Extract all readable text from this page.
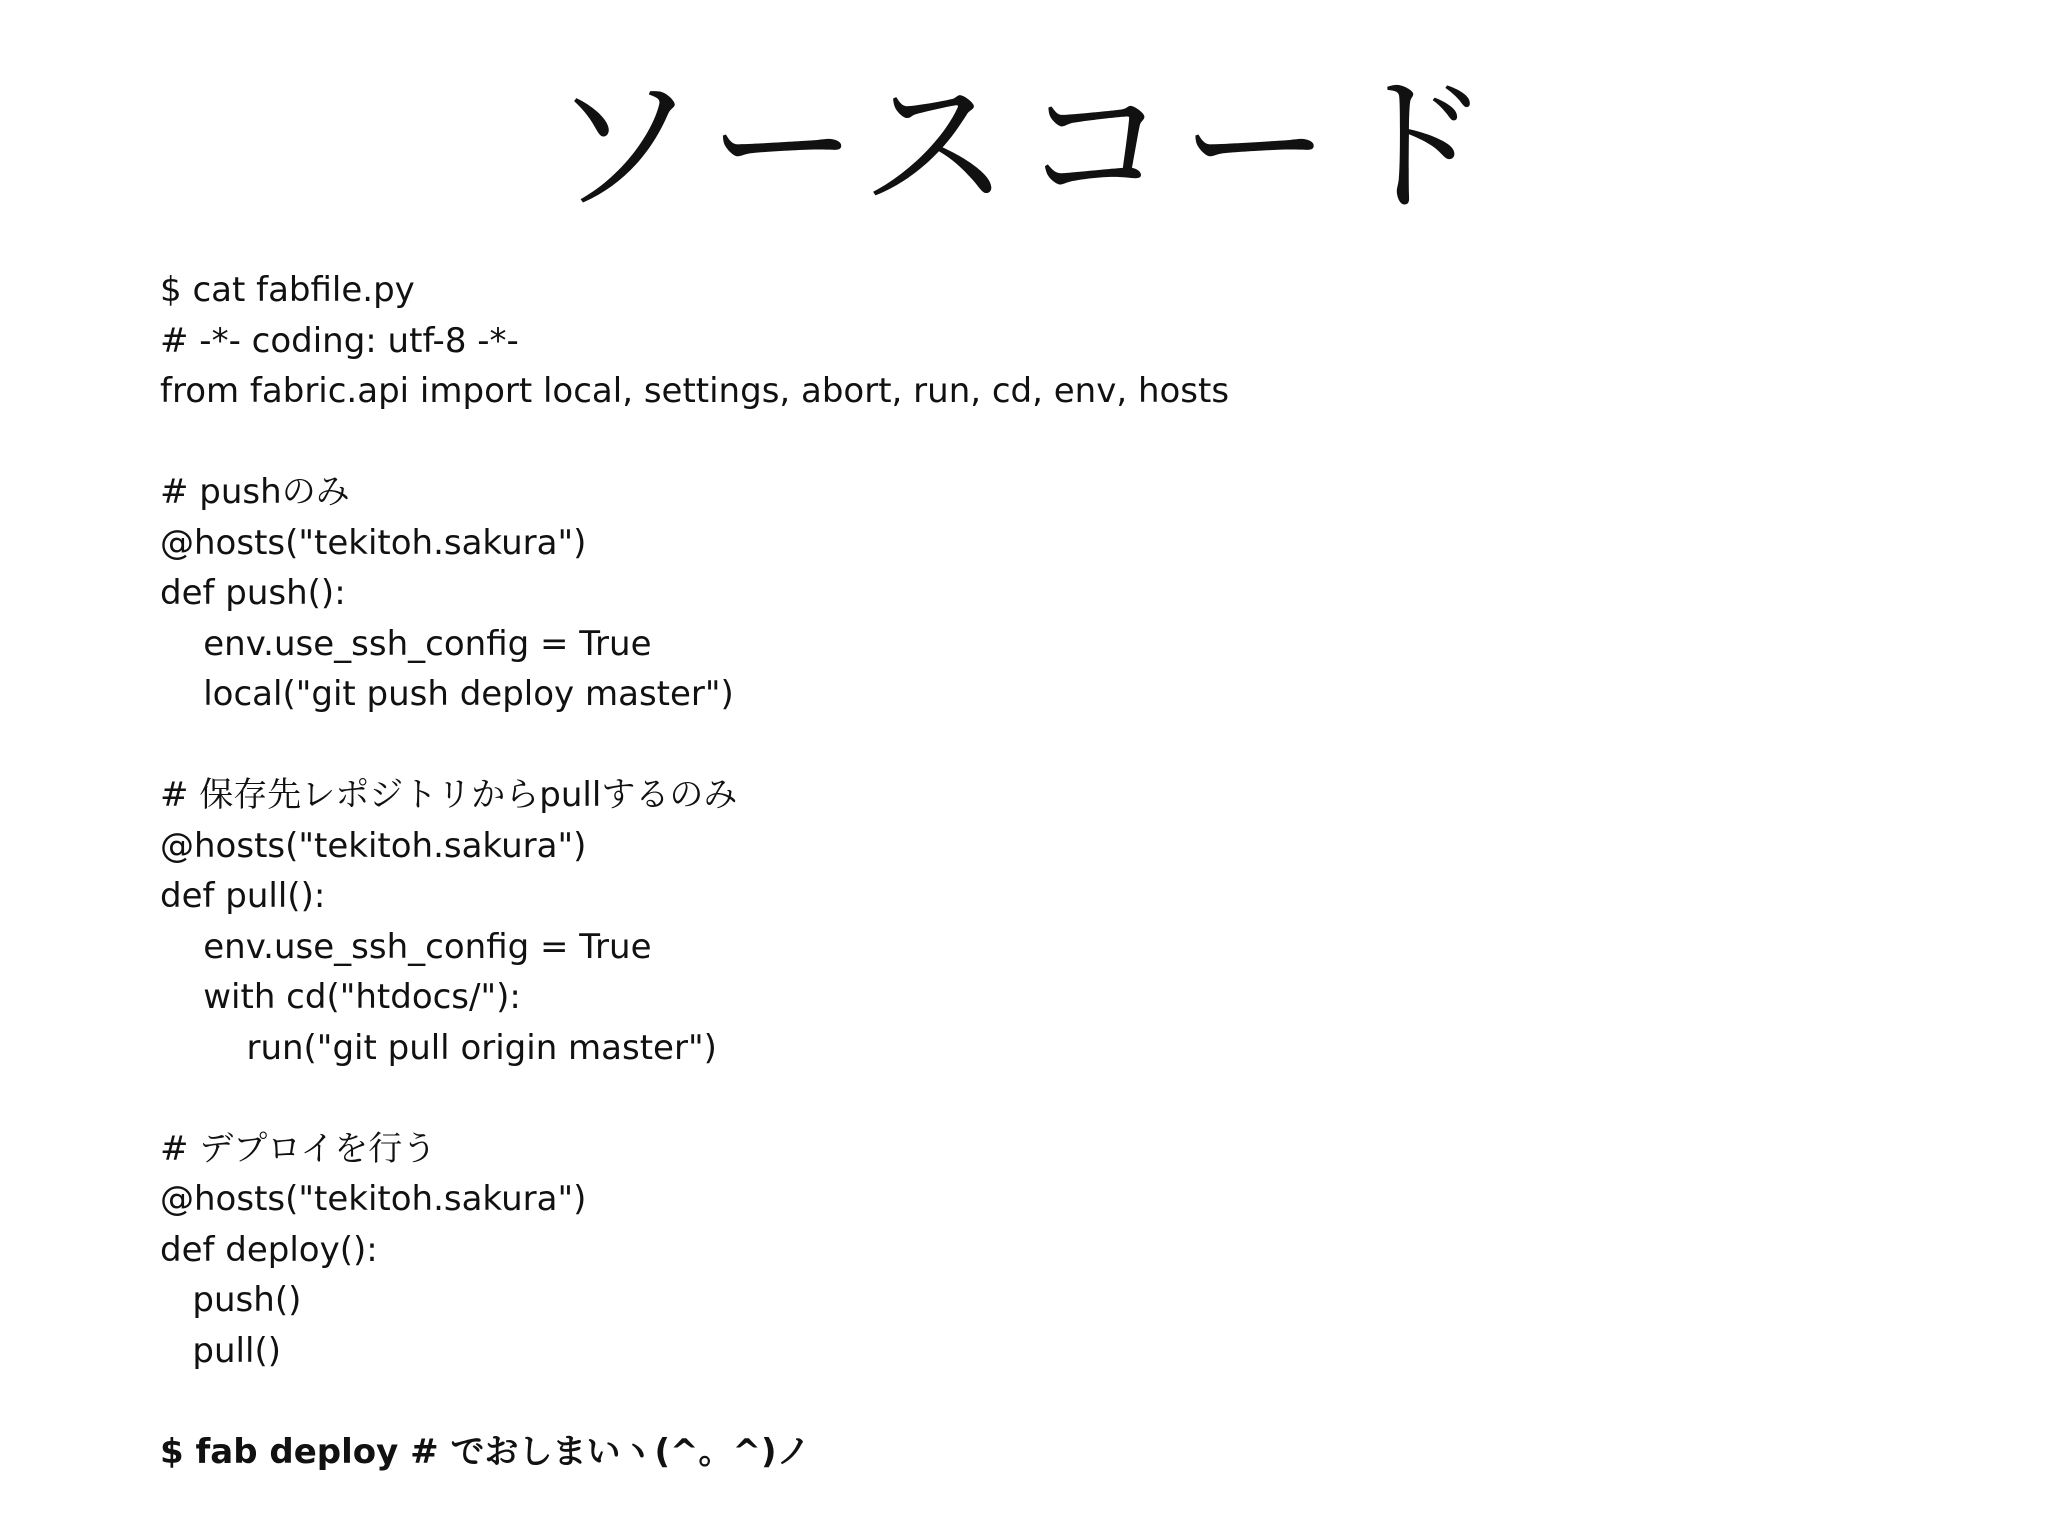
ソースコード
$ cat fabfile.py
# -*- coding: utf-8 -*-
from fabric.api import local, settings, abort, run, cd, env, hosts
# pushのみ
@hosts("tekitoh.sakura")
def push():
env.use_ssh_config = True
local("git push deploy master")
# 保存先レポジトリからpullするのみ
@hosts("tekitoh.sakura")
def pull():
env.use_ssh_config = True
with cd("htdocs/"):
run("git pull origin master")
# デプロイを行う
@hosts("tekitoh.sakura")
def deploy():
push()
pull()
$ fab deploy # でおしまいヽ(^。^)ノ
